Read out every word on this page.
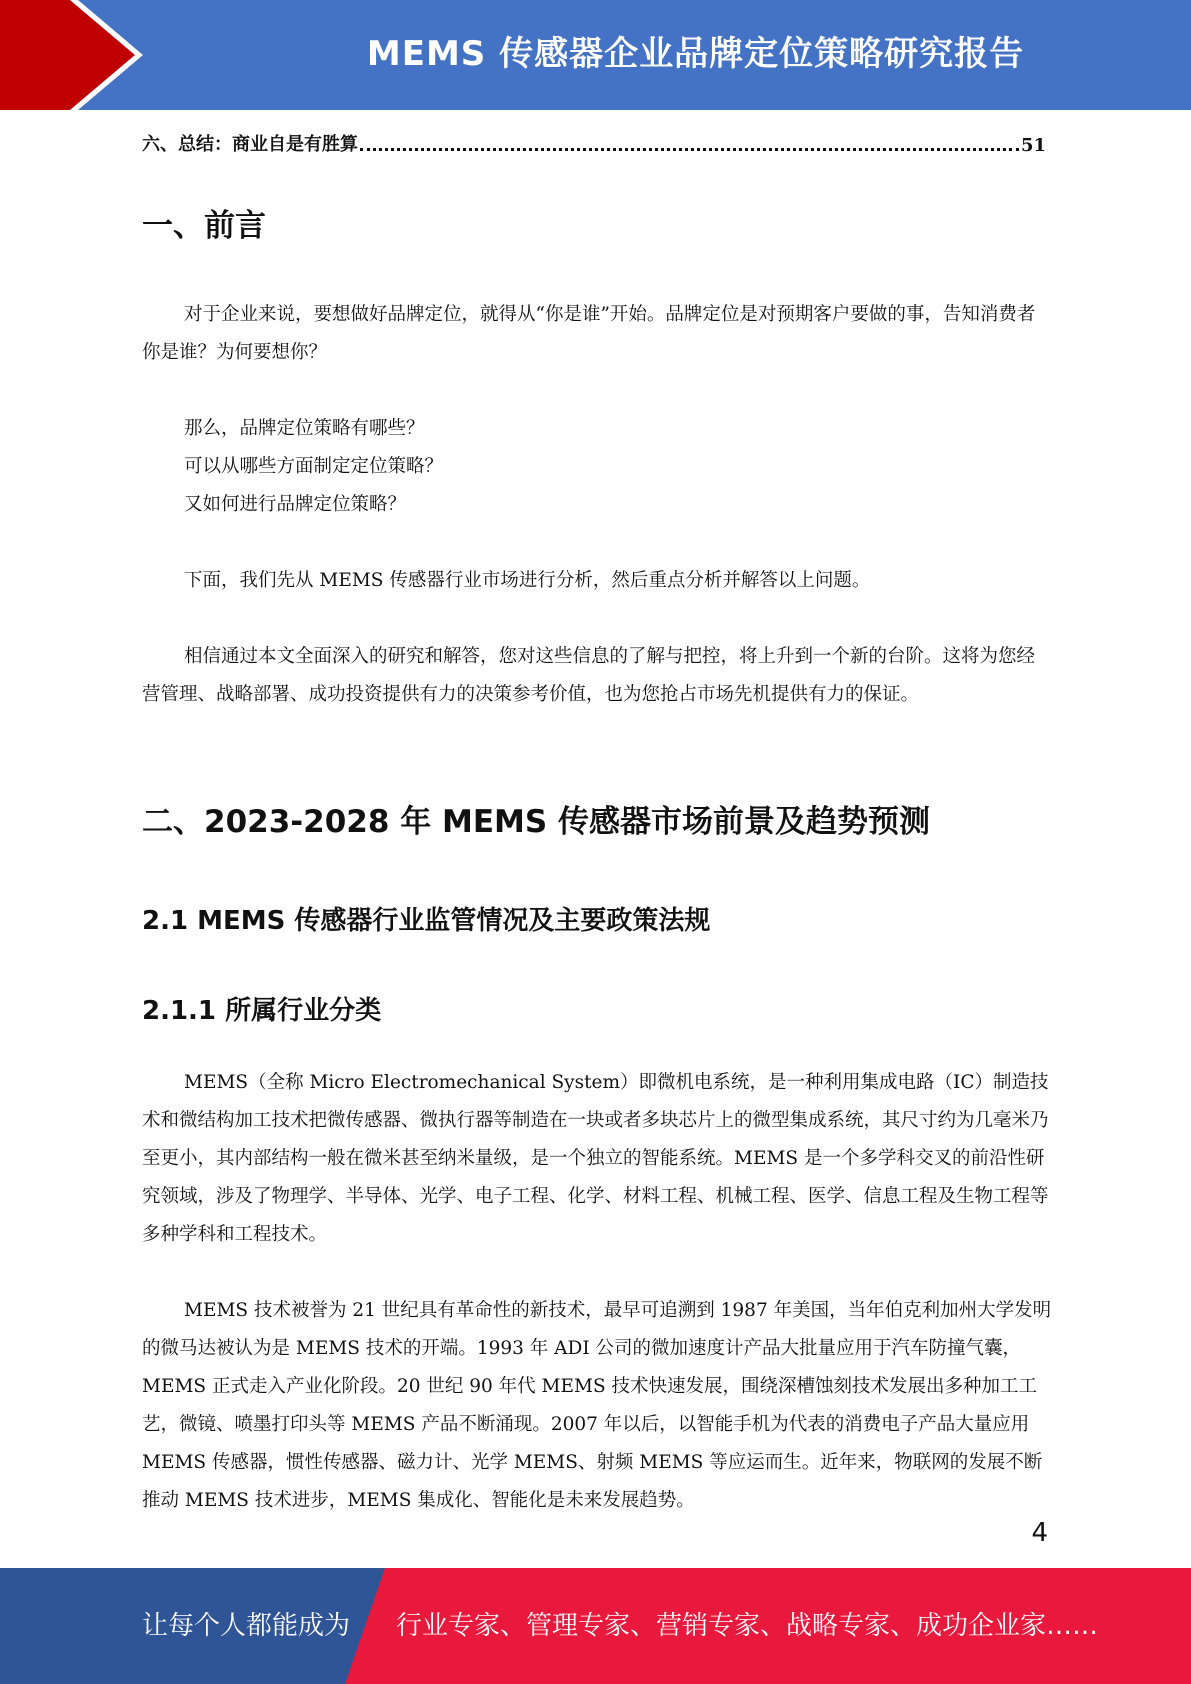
MEMS 传感器企业品牌定位策略研究报告
六、总结：商业自是有胜算	51
一、前言

对于企业来说，要想做好品牌定位，就得从“你是谁”开始。品牌定位是对预期客户要做的事，告知消费者你是谁？为何要想你？

那么，品牌定位策略有哪些？

可以从哪些方面制定定位策略？

又如何进行品牌定位策略？

下面，我们先从 MEMS 传感器行业市场进行分析，然后重点分析并解答以上问题。

相信通过本文全面深入的研究和解答，您对这些信息的了解与把控，将上升到一个新的台阶。这将为您经营管理、战略部署、成功投资提供有力的决策参考价值，也为您抢占市场先机提供有力的保证。

二、2023-2028 年 MEMS 传感器市场前景及趋势预测
2.1 MEMS 传感器行业监管情况及主要政策法规
2.1.1 所属行业分类

MEMS（全称 Micro Electromechanical System）即微机电系统，是一种利用集成电路（IC）制造技术和微结构加工技术把微传感器、微执行器等制造在一块或者多块芯片上的微型集成系统，其尺寸约为几毫米乃至更小，其内部结构一般在微米甚至纳米量级，是一个独立的智能系统。MEMS 是一个多学科交叉的前沿性研究领域，涉及了物理学、半导体、光学、电子工程、化学、材料工程、机械工程、医学、信息工程及生物工程等多种学科和工程技术。

MEMS 技术被誉为 21 世纪具有革命性的新技术，最早可追溯到 1987 年美国，当年伯克利加州大学发明的微马达被认为是 MEMS 技术的开端。1993 年 ADI 公司的微加速度计产品大批量应用于汽车防撞气囊，MEMS 正式走入产业化阶段。20 世纪 90 年代 MEMS 技术快速发展，围绕深槽蚀刻技术发展出多种加工工艺，微镜、喷墨打印头等 MEMS 产品不断涌现。2007 年以后，以智能手机为代表的消费电子产品大量应用 MEMS 传感器，惯性传感器、磁力计、光学 MEMS、射频 MEMS 等应运而生。近年来，物联网的发展不断推动 MEMS 技术进步，MEMS 集成化、智能化是未来发展趋势。

4
让每个人都能成为 行业专家、管理专家、营销专家、战略专家、成功企业家……
